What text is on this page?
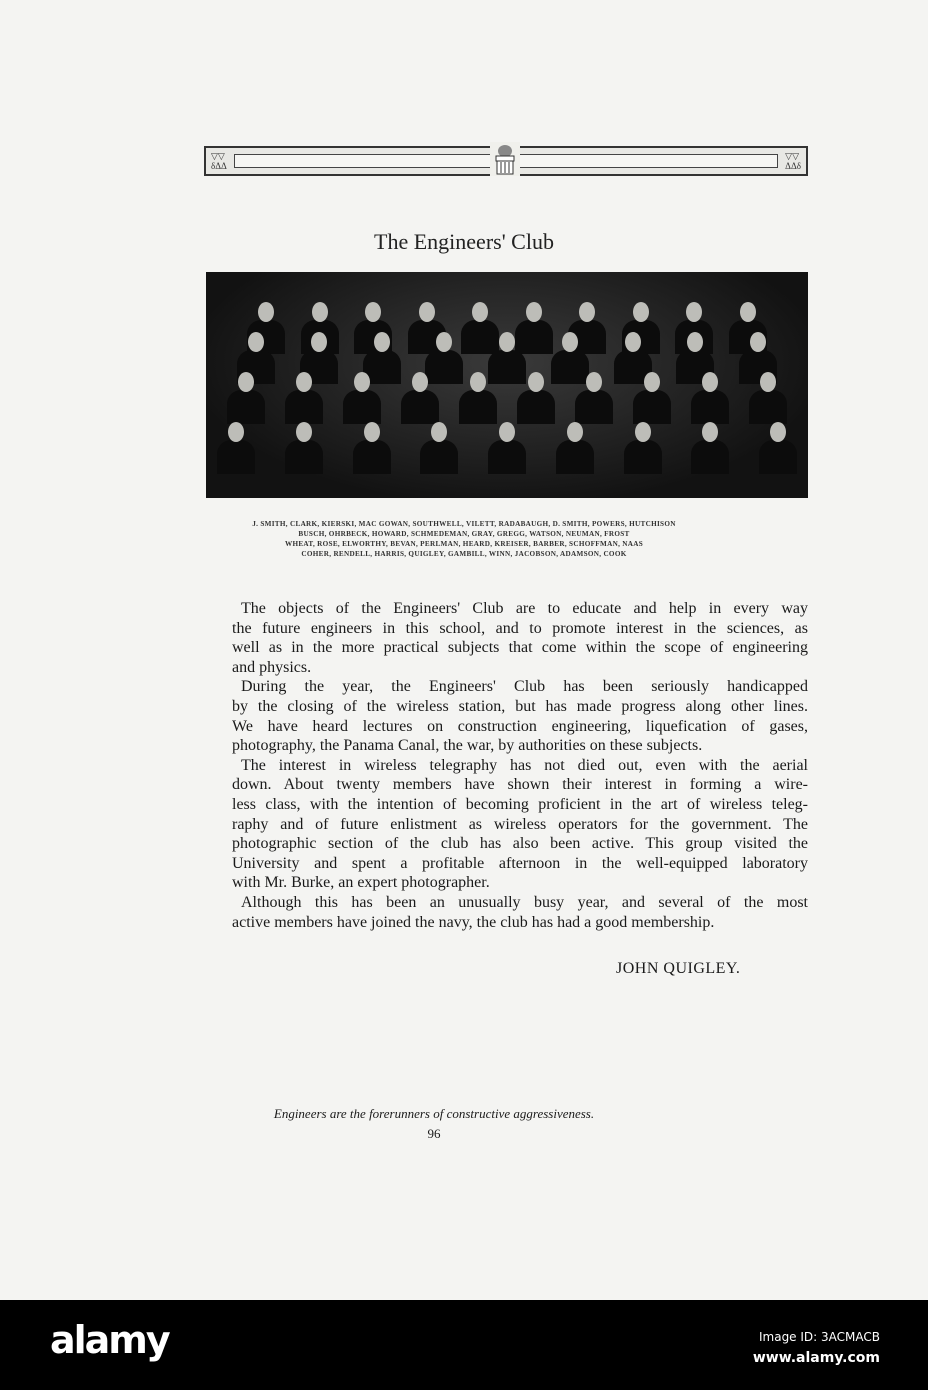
▽▽
δΔΔ
▽▽
ΔΔδ
The Engineers' Club
J. SMITH, CLARK, KIERSKI, MAC GOWAN, SOUTHWELL, VILETT, RADABAUGH, D. SMITH, POWERS, HUTCHISON
BUSCH, OHRBECK, HOWARD, SCHMEDEMAN, GRAY, GREGG, WATSON, NEUMAN, FROST
WHEAT, ROSE, ELWORTHY, BEVAN, PERLMAN, HEARD, KREISER, BARBER, SCHOFFMAN, NAAS
COHER, RENDELL, HARRIS, QUIGLEY, GAMBILL, WINN, JACOBSON, ADAMSON, COOK
The objects of the Engineers' Club are to educate and help in every way
the future engineers in this school, and to promote interest in the sciences, as
well as in the more practical subjects that come within the scope of engineering
and physics.
During the year, the Engineers' Club has been seriously handicapped
by the closing of the wireless station, but has made progress along other lines.
We have heard lectures on construction engineering, liquefication of gases,
photography, the Panama Canal, the war, by authorities on these subjects.
The interest in wireless telegraphy has not died out, even with the aerial
down. About twenty members have shown their interest in forming a wire-
less class, with the intention of becoming proficient in the art of wireless teleg-
raphy and of future enlistment as wireless operators for the government. The
photographic section of the club has also been active. This group visited the
University and spent a profitable afternoon in the well-equipped laboratory
with Mr. Burke, an expert photographer.
Although this has been an unusually busy year, and several of the most
active members have joined the navy, the club has had a good membership.
JOHN QUIGLEY.
Engineers are the forerunners of constructive aggressiveness.
96
alamy	Image ID: 3ACMACB
www.alamy.com
